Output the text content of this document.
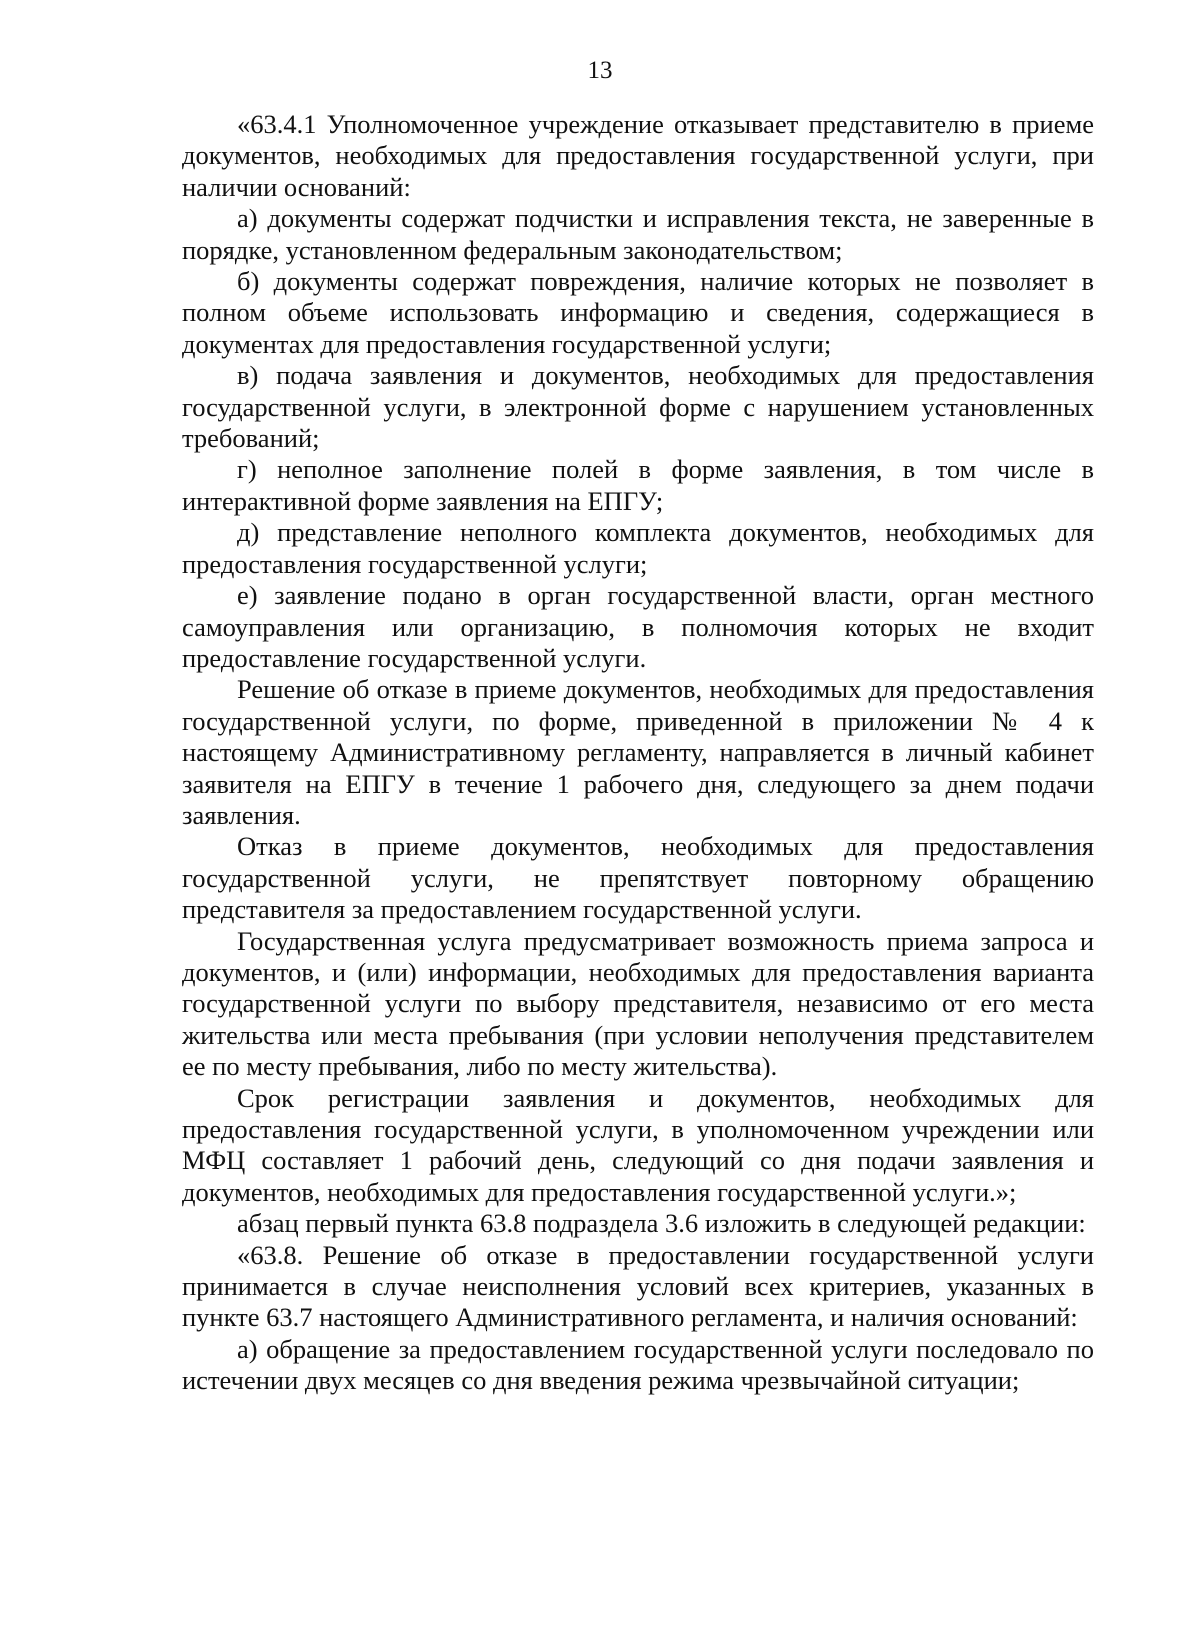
13

«63.4.1 Уполномоченное учреждение отказывает представителю в приеме документов, необходимых для предоставления государственной услуги, при наличии оснований:

а) документы содержат подчистки и исправления текста, не заверенные в порядке, установленном федеральным законодательством;

б) документы содержат повреждения, наличие которых не позволяет в полном объеме использовать информацию и сведения, содержащиеся в документах для предоставления государственной услуги;

в) подача заявления и документов, необходимых для предоставления государственной услуги, в электронной форме с нарушением установленных требований;

г) неполное заполнение полей в форме заявления, в том числе в интерактивной форме заявления на ЕПГУ;

д) представление неполного комплекта документов, необходимых для предоставления государственной услуги;

е) заявление подано в орган государственной власти, орган местного самоуправления или организацию, в полномочия которых не входит предоставление государственной услуги.

Решение об отказе в приеме документов, необходимых для предоставления государственной услуги, по форме, приведенной в приложении № 4 к настоящему Административному регламенту, направляется в личный кабинет заявителя на ЕПГУ в течение 1 рабочего дня, следующего за днем подачи заявления.

Отказ в приеме документов, необходимых для предоставления государственной услуги, не препятствует повторному обращению представителя за предоставлением государственной услуги.

Государственная услуга предусматривает возможность приема запроса и документов, и (или) информации, необходимых для предоставления варианта государственной услуги по выбору представителя, независимо от его места жительства или места пребывания (при условии неполучения представителем ее по месту пребывания, либо по месту жительства).

Срок регистрации заявления и документов, необходимых для предоставления государственной услуги, в уполномоченном учреждении или МФЦ составляет 1 рабочий день, следующий со дня подачи заявления и документов, необходимых для предоставления государственной услуги.»;

абзац первый пункта 63.8 подраздела 3.6 изложить в следующей редакции:

«63.8. Решение об отказе в предоставлении государственной услуги принимается в случае неисполнения условий всех критериев, указанных в пункте 63.7 настоящего Административного регламента, и наличия оснований:

а) обращение за предоставлением государственной услуги последовало по истечении двух месяцев со дня введения режима чрезвычайной ситуации;
